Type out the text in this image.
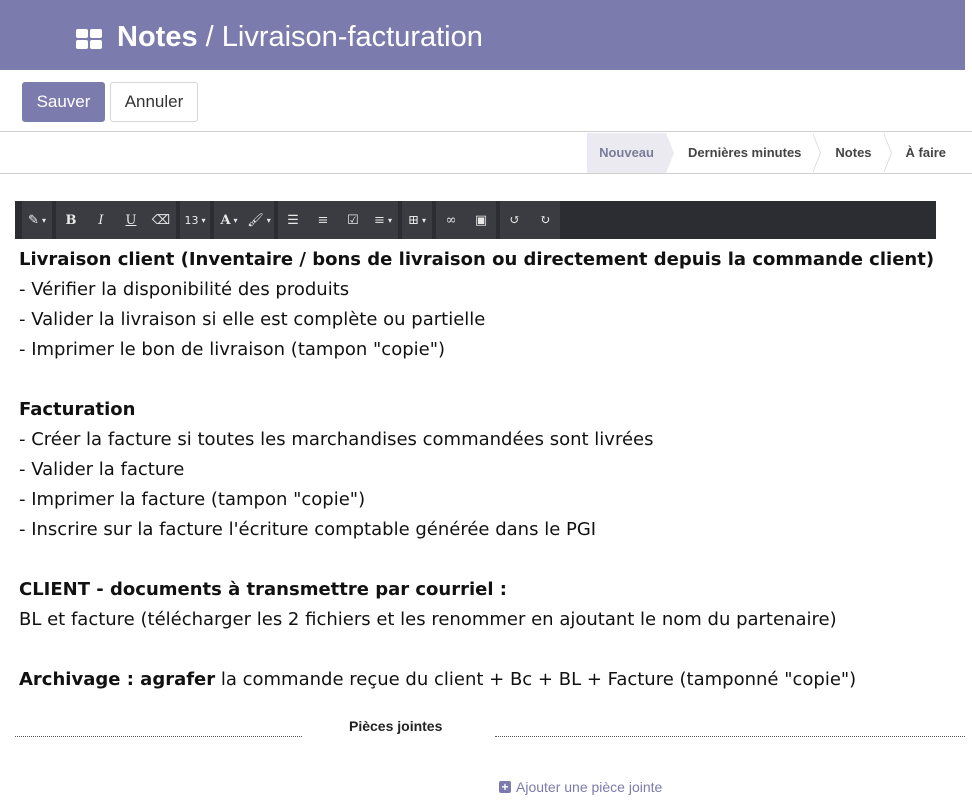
Notes / Livraison-facturation
Sauver	Annuler
Nouveau	Dernières minutes	Notes	À faire
✎ ▾	B	I	U	⌫	13 ▾	A ▾ 🖌 ▾	☰	≡	☑	≡ ▾	⊞ ▾	∞	▣	↺	↻

Livraison client (Inventaire / bons de livraison ou directement depuis la commande client)

- Vérifier la disponibilité des produits

- Valider la livraison si elle est complète ou partielle

- Imprimer le bon de livraison (tampon "copie")

Facturation

- Créer la facture si toutes les marchandises commandées sont livrées

- Valider la facture

- Imprimer la facture (tampon "copie")

- Inscrire sur la facture l'écriture comptable générée dans le PGI

CLIENT - documents à transmettre par courriel :

BL et facture (télécharger les 2 fichiers et les renommer en ajoutant le nom du partenaire)

Archivage : agrafer la commande reçue du client + Bc + BL + Facture (tamponné "copie")

Pièces jointes
+ Ajouter une pièce jointe
